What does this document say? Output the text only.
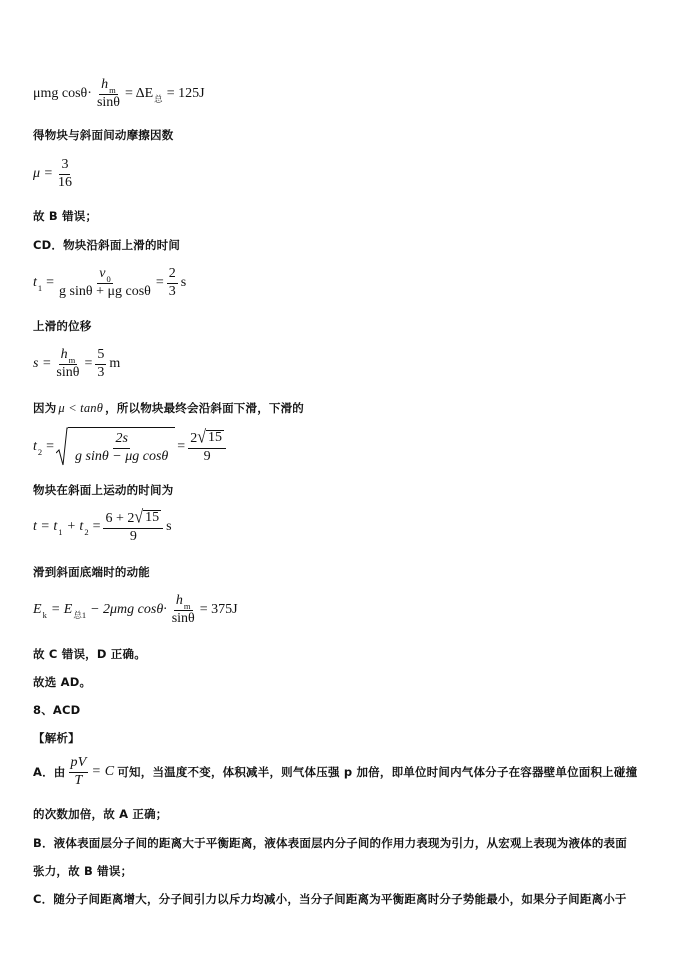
μmg $\cos\theta\cdot \frac{h_m}{\sin\theta} = \Delta E$ 总 = 125J
得物块与斜面间动摩擦因数
$\mu = \frac{3}{16}$
故 B 错误；
CD．物块沿斜面上滑的时间
t $1 = \frac{v_0}{\text{g sinθ + μg cosθ}} = \frac{2}{3}$ s
上滑的位移
$s = \frac{h_m}{\sin\theta} = \frac{5}{3}$ m
因为 μ < tanθ ，所以物块最终会沿斜面下滑，下滑的
t $2 = \frac{2s}{\text{g sinθ − μg cosθ}} = \frac{2 √ 15}{9}$
物块在斜面上运动的时间为
t = t 1 + t $2 = \frac{6 + 2 √ 15}{9}$ s
滑到斜面底端时的动能
E k = E 总1 − 2μmg $\cos\theta\cdot \frac{h_m}{\sin\theta} = 375J$
故 C 错误，D 正确。
故选 AD。
8、ACD
【解析】
A．由 $\frac{pV}{T} = C$ 可知，当温度不变，体积减半，则气体压强 p 加倍，即单位时间内气体分子在容器壁单位面积上碰撞
的次数加倍，故 A 正确；
B．液体表面层分子间的距离大于平衡距离，液体表面层内分子间的作用力表现为引力，从宏观上表现为液体的表面
张力，故 B 错误；
C．随分子间距离增大，分子间引力以斥力均减小，当分子间距离为平衡距离时分子势能最小，如果分子间距离小于
